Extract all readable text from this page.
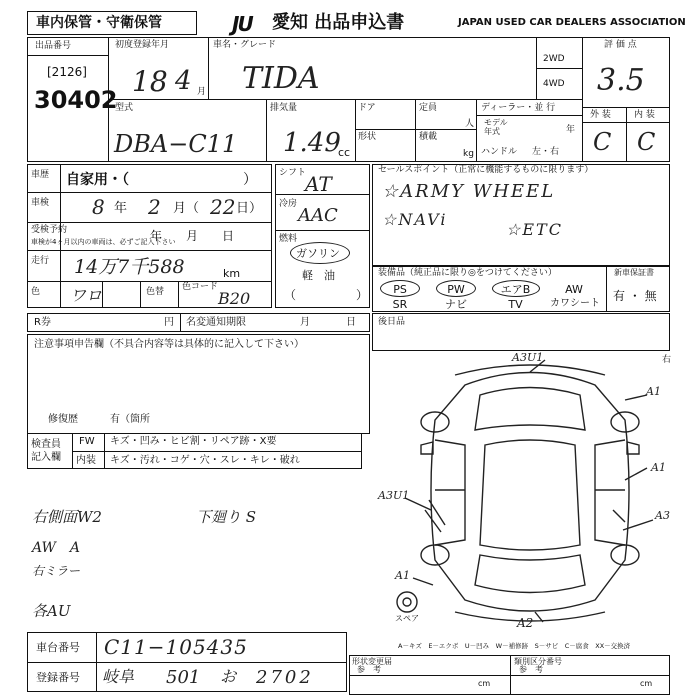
車内保管・守衛保管	JU 愛知 出品申込書	JAPAN USED CAR DEALERS ASSOCIATION
出品番号
[2126]
30402
初度登録年月
18 4 月
車名・グレード
TIDA
2WD
4WD
評 価 点
3.5
型式
DBA−C11
排気量
1.49
cc
ドア
形状
定員
人
積載
kg
ディーラー・並 行
モデル
年式	年
ハンドル 左・右
外 装	内 装
C C
車歴 自家用・（	）
車検 8 年 2 月（ 22 日）
受検予約
車検が4ヶ月以内の車両は、必ずご記入下さい
年　　月　　日
走行 14万7千588	km
色 ワロ	色替 色コード
B20
シフト
AT
冷房
AAC
燃料
ガソリン
軽　油
（　　　　　）
セールスポイント（正常に機能するものに限ります）
☆ARMY WHEEL
☆NAVi
☆ETC
装備品（純正品に限り◎をつけてください）	新車保証書
有 ・ 無
PS	PW	エアB	AW
SR	ナビ	TV	カワシート
R券	円 名変通知期限	月	日 後日品
注意事項申告欄（不具合内容等は具体的に記入して下さい）
修復歴	有（箇所
検査員
記入欄
FW キズ・凹み・ヒビ割・リペア跡・X要
内装 キズ・汚れ・コゲ・穴・スレ・キレ・破れ
右側面W2	下廻り S
AW　A
右ミラー
各AU
車台番号 C11−105435
登録番号 岐阜 501 お 2702
形状変更届
参　考
類別区分番号
参　考
cm	cm
A－キズ　E－エクボ　U－凹み　W－補修跡　S－サビ　C－腐食　XX－交換済
A3U1
A3U1
A1
A1
A3
A1
A2
スペア
右
